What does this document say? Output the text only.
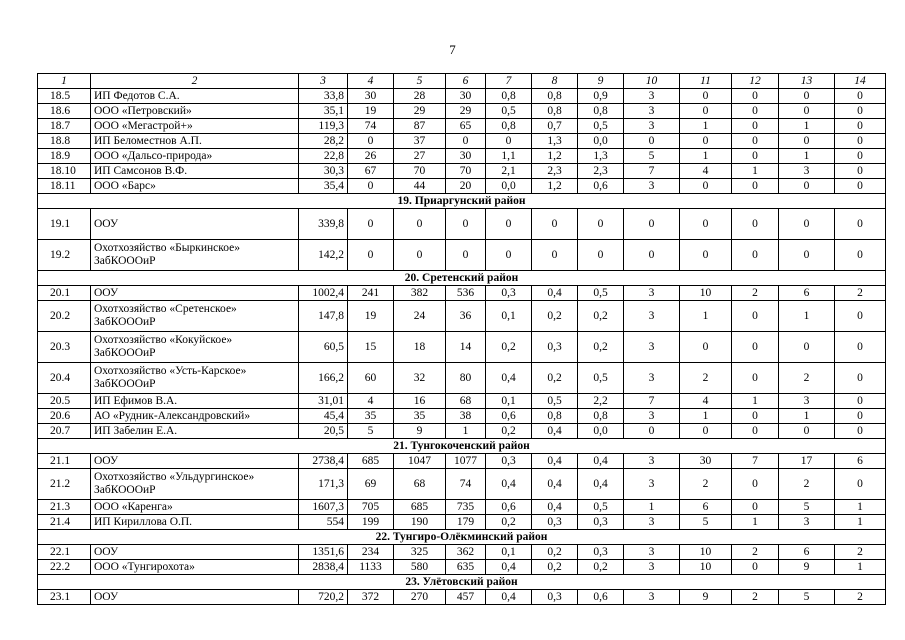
7
1	2	3	4	5	6	7	8	9	10	11	12	13	14
18.5	ИП Федотов С.А.	33,8	30	28	30	0,8	0,8	0,9	3	0	0	0	0
18.6	ООО «Петровский»	35,1	19	29	29	0,5	0,8	0,8	3	0	0	0	0
18.7	ООО «Мегастрой+»	119,3	74	87	65	0,8	0,7	0,5	3	1	0	1	0
18.8	ИП Беломестнов А.П.	28,2	0	37	0	0	1,3	0,0	0	0	0	0	0
18.9	ООО «Дальсо-природа»	22,8	26	27	30	1,1	1,2	1,3	5	1	0	1	0
18.10	ИП Самсонов В.Ф.	30,3	67	70	70	2,1	2,3	2,3	7	4	1	3	0
18.11	ООО «Барс»	35,4	0	44	20	0,0	1,2	0,6	3	0	0	0	0
19. Приаргунский район													
19.1	ООУ	339,8	0	0	0	0	0	0	0	0	0	0	0
19.2	Охотхозяйство «Быркинское» ЗабКОООиР	142,2	0	0	0	0	0	0	0	0	0	0	0
20. Сретенский район													
20.1	ООУ	1002,4	241	382	536	0,3	0,4	0,5	3	10	2	6	2
20.2	Охотхозяйство «Сретенское» ЗабКОООиР	147,8	19	24	36	0,1	0,2	0,2	3	1	0	1	0
20.3	Охотхозяйство «Кокуйское» ЗабКОООиР	60,5	15	18	14	0,2	0,3	0,2	3	0	0	0	0
20.4	Охотхозяйство «Усть-Карское» ЗабКОООиР	166,2	60	32	80	0,4	0,2	0,5	3	2	0	2	0
20.5	ИП Ефимов В.А.	31,01	4	16	68	0,1	0,5	2,2	7	4	1	3	0
20.6	АО «Рудник-Александровский»	45,4	35	35	38	0,6	0,8	0,8	3	1	0	1	0
20.7	ИП Забелин Е.А.	20,5	5	9	1	0,2	0,4	0,0	0	0	0	0	0
21. Тунгокоченский район													
21.1	ООУ	2738,4	685	1047	1077	0,3	0,4	0,4	3	30	7	17	6
21.2	Охотхозяйство «Ульдургинское» ЗабКОООиР	171,3	69	68	74	0,4	0,4	0,4	3	2	0	2	0
21.3	ООО «Каренга»	1607,3	705	685	735	0,6	0,4	0,5	1	6	0	5	1
21.4	ИП Кириллова О.П.	554	199	190	179	0,2	0,3	0,3	3	5	1	3	1
22. Тунгиро-Олёкминский район													
22.1	ООУ	1351,6	234	325	362	0,1	0,2	0,3	3	10	2	6	2
22.2	ООО «Тунгирохота»	2838,4	1133	580	635	0,4	0,2	0,2	3	10	0	9	1
23. Улётовский район													
23.1	ООУ	720,2	372	270	457	0,4	0,3	0,6	3	9	2	5	2
